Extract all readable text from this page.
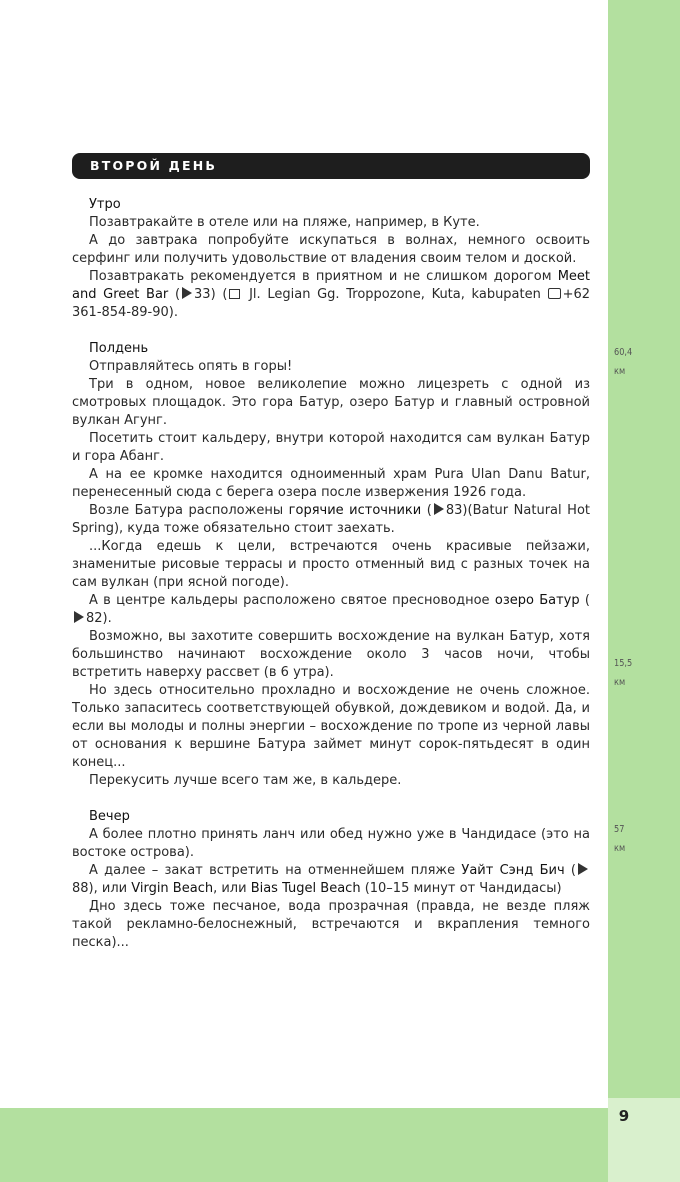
9
60,4
км
15,5
км
57
км
ВТОРОЙ ДЕНЬ
Утро

Позавтракайте в отеле или на пляже, например, в Куте.

А до завтрака попробуйте искупаться в волнах, немного освоить серфинг или получить удовольствие от владения своим телом и доской.

Позавтракать рекомендуется в приятном и не слишком дорогом Meet and Greet Bar ( 33) ( Jl. Legian Gg. Troppozone, Kuta, kabupaten +62 361-854-89-90).

Полдень

Отправляйтесь опять в горы!

Три в одном, новое великолепие можно лицезреть с одной из смотровых площадок. Это гора Батур, озеро Батур и главный островной вулкан Агунг.

Посетить стоит кальдеру, внутри которой находится сам вулкан Батур и гора Абанг.

А на ее кромке находится одноименный храм Pura Ulan Danu Batur, перенесенный сюда с берега озера после извержения 1926 года.

Возле Батура расположены горячие источники ( 83)(Batur Natural Hot Spring), куда тоже обязательно стоит заехать.

...Когда едешь к цели, встречаются очень красивые пейзажи, знаменитые рисовые террасы и просто отменный вид с разных точек на сам вулкан (при ясной погоде).

А в центре кальдеры расположено святое пресноводное озеро Батур (82).

Возможно, вы захотите совершить восхождение на вулкан Батур, хотя большинство начинают восхождение около 3 часов ночи, чтобы встретить наверху рассвет (в 6 утра).

Но здесь относительно прохладно и восхождение не очень сложное. Только запаситесь соответствующей обувкой, дождевиком и водой. Да, и если вы молоды и полны энергии – восхождение по тропе из черной лавы от основания к вершине Батура займет минут сорок-пятьдесят в один конец...

Перекусить лучше всего там же, в кальдере.

Вечер

А более плотно принять ланч или обед нужно уже в Чандидасе (это на востоке острова).

А далее – закат встретить на отменнейшем пляже Уайт Сэнд Бич (88), или Virgin Beach, или Bias Tugel Beach (10–15 минут от Чандидасы)

Дно здесь тоже песчаное, вода прозрачная (правда, не везде пляж такой рекламно-белоснежный, встречаются и вкрапления темного песка)...
